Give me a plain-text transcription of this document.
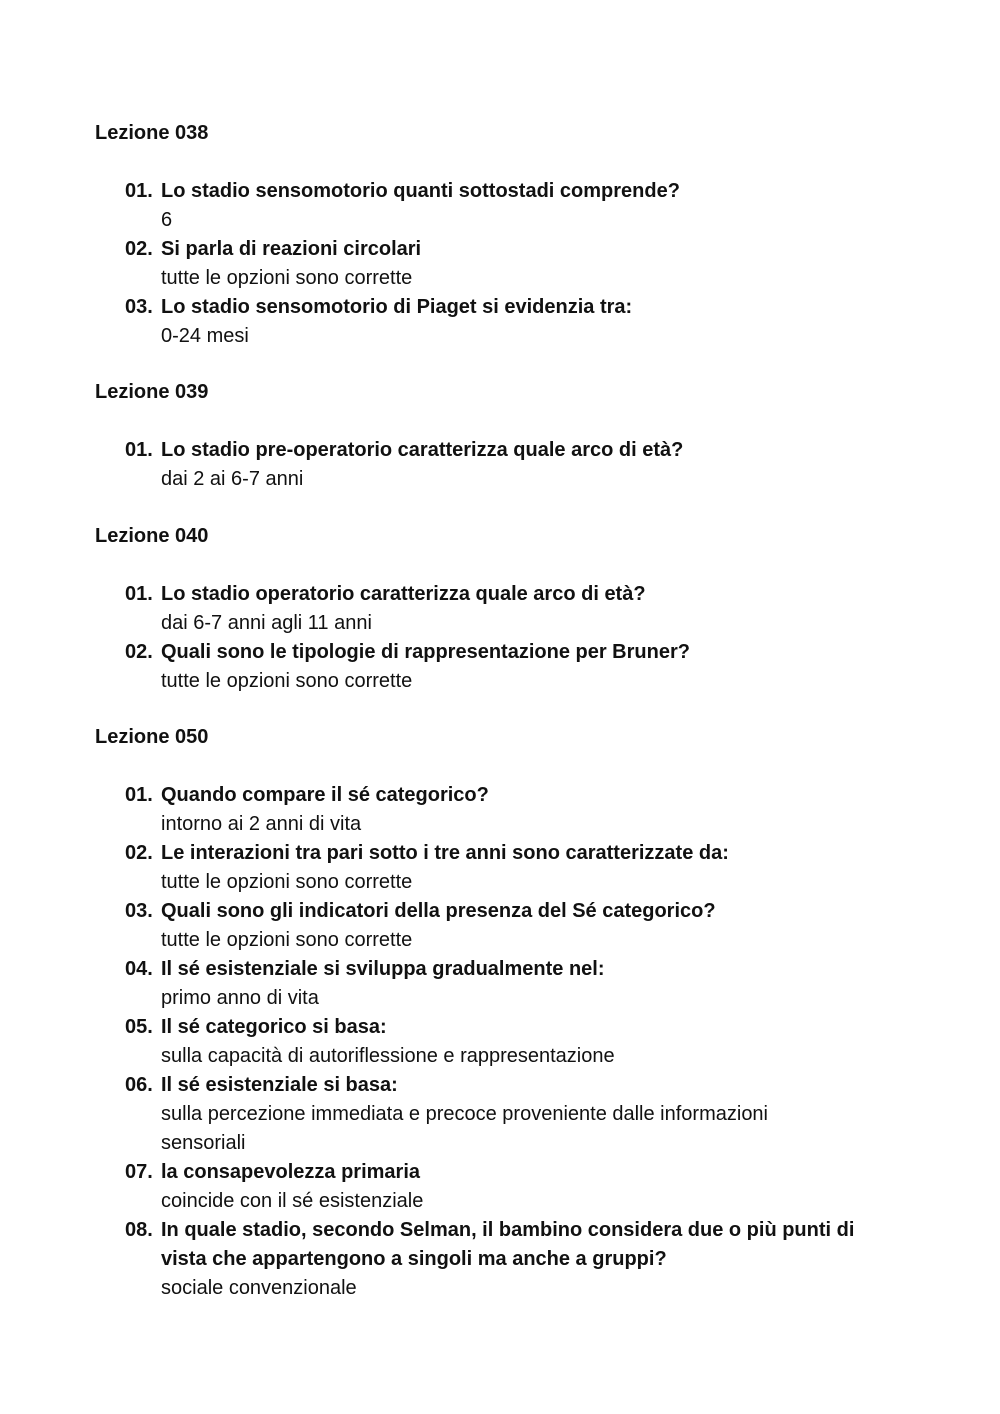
Lezione 038
01. Lo stadio sensomotorio quanti sottostadi comprende?

6

02. Si parla di reazioni circolari

tutte le opzioni sono corrette

03. Lo stadio sensomotorio di Piaget si evidenzia tra:

0-24 mesi

Lezione 039
01. Lo stadio pre-operatorio caratterizza quale arco di età?

dai 2 ai 6-7 anni

Lezione 040
01. Lo stadio operatorio caratterizza quale arco di età?

dai 6-7 anni agli 11 anni

02. Quali sono le tipologie di rappresentazione per Bruner?

tutte le opzioni sono corrette

Lezione 050
01. Quando compare il sé categorico?

intorno ai 2 anni di vita

02. Le interazioni tra pari sotto i tre anni sono caratterizzate da:

tutte le opzioni sono corrette

03. Quali sono gli indicatori della presenza del Sé categorico?

tutte le opzioni sono corrette

04. Il sé esistenziale si sviluppa gradualmente nel:

primo anno di vita

05. Il sé categorico si basa:

sulla capacità di autoriflessione e rappresentazione

06. Il sé esistenziale si basa:

sulla percezione immediata e precoce proveniente dalle informazioni sensoriali

07. la consapevolezza primaria

coincide con il sé esistenziale

08. In quale stadio, secondo Selman, il bambino considera due o più punti di vista che appartengono a singoli ma anche a gruppi?

sociale convenzionale
